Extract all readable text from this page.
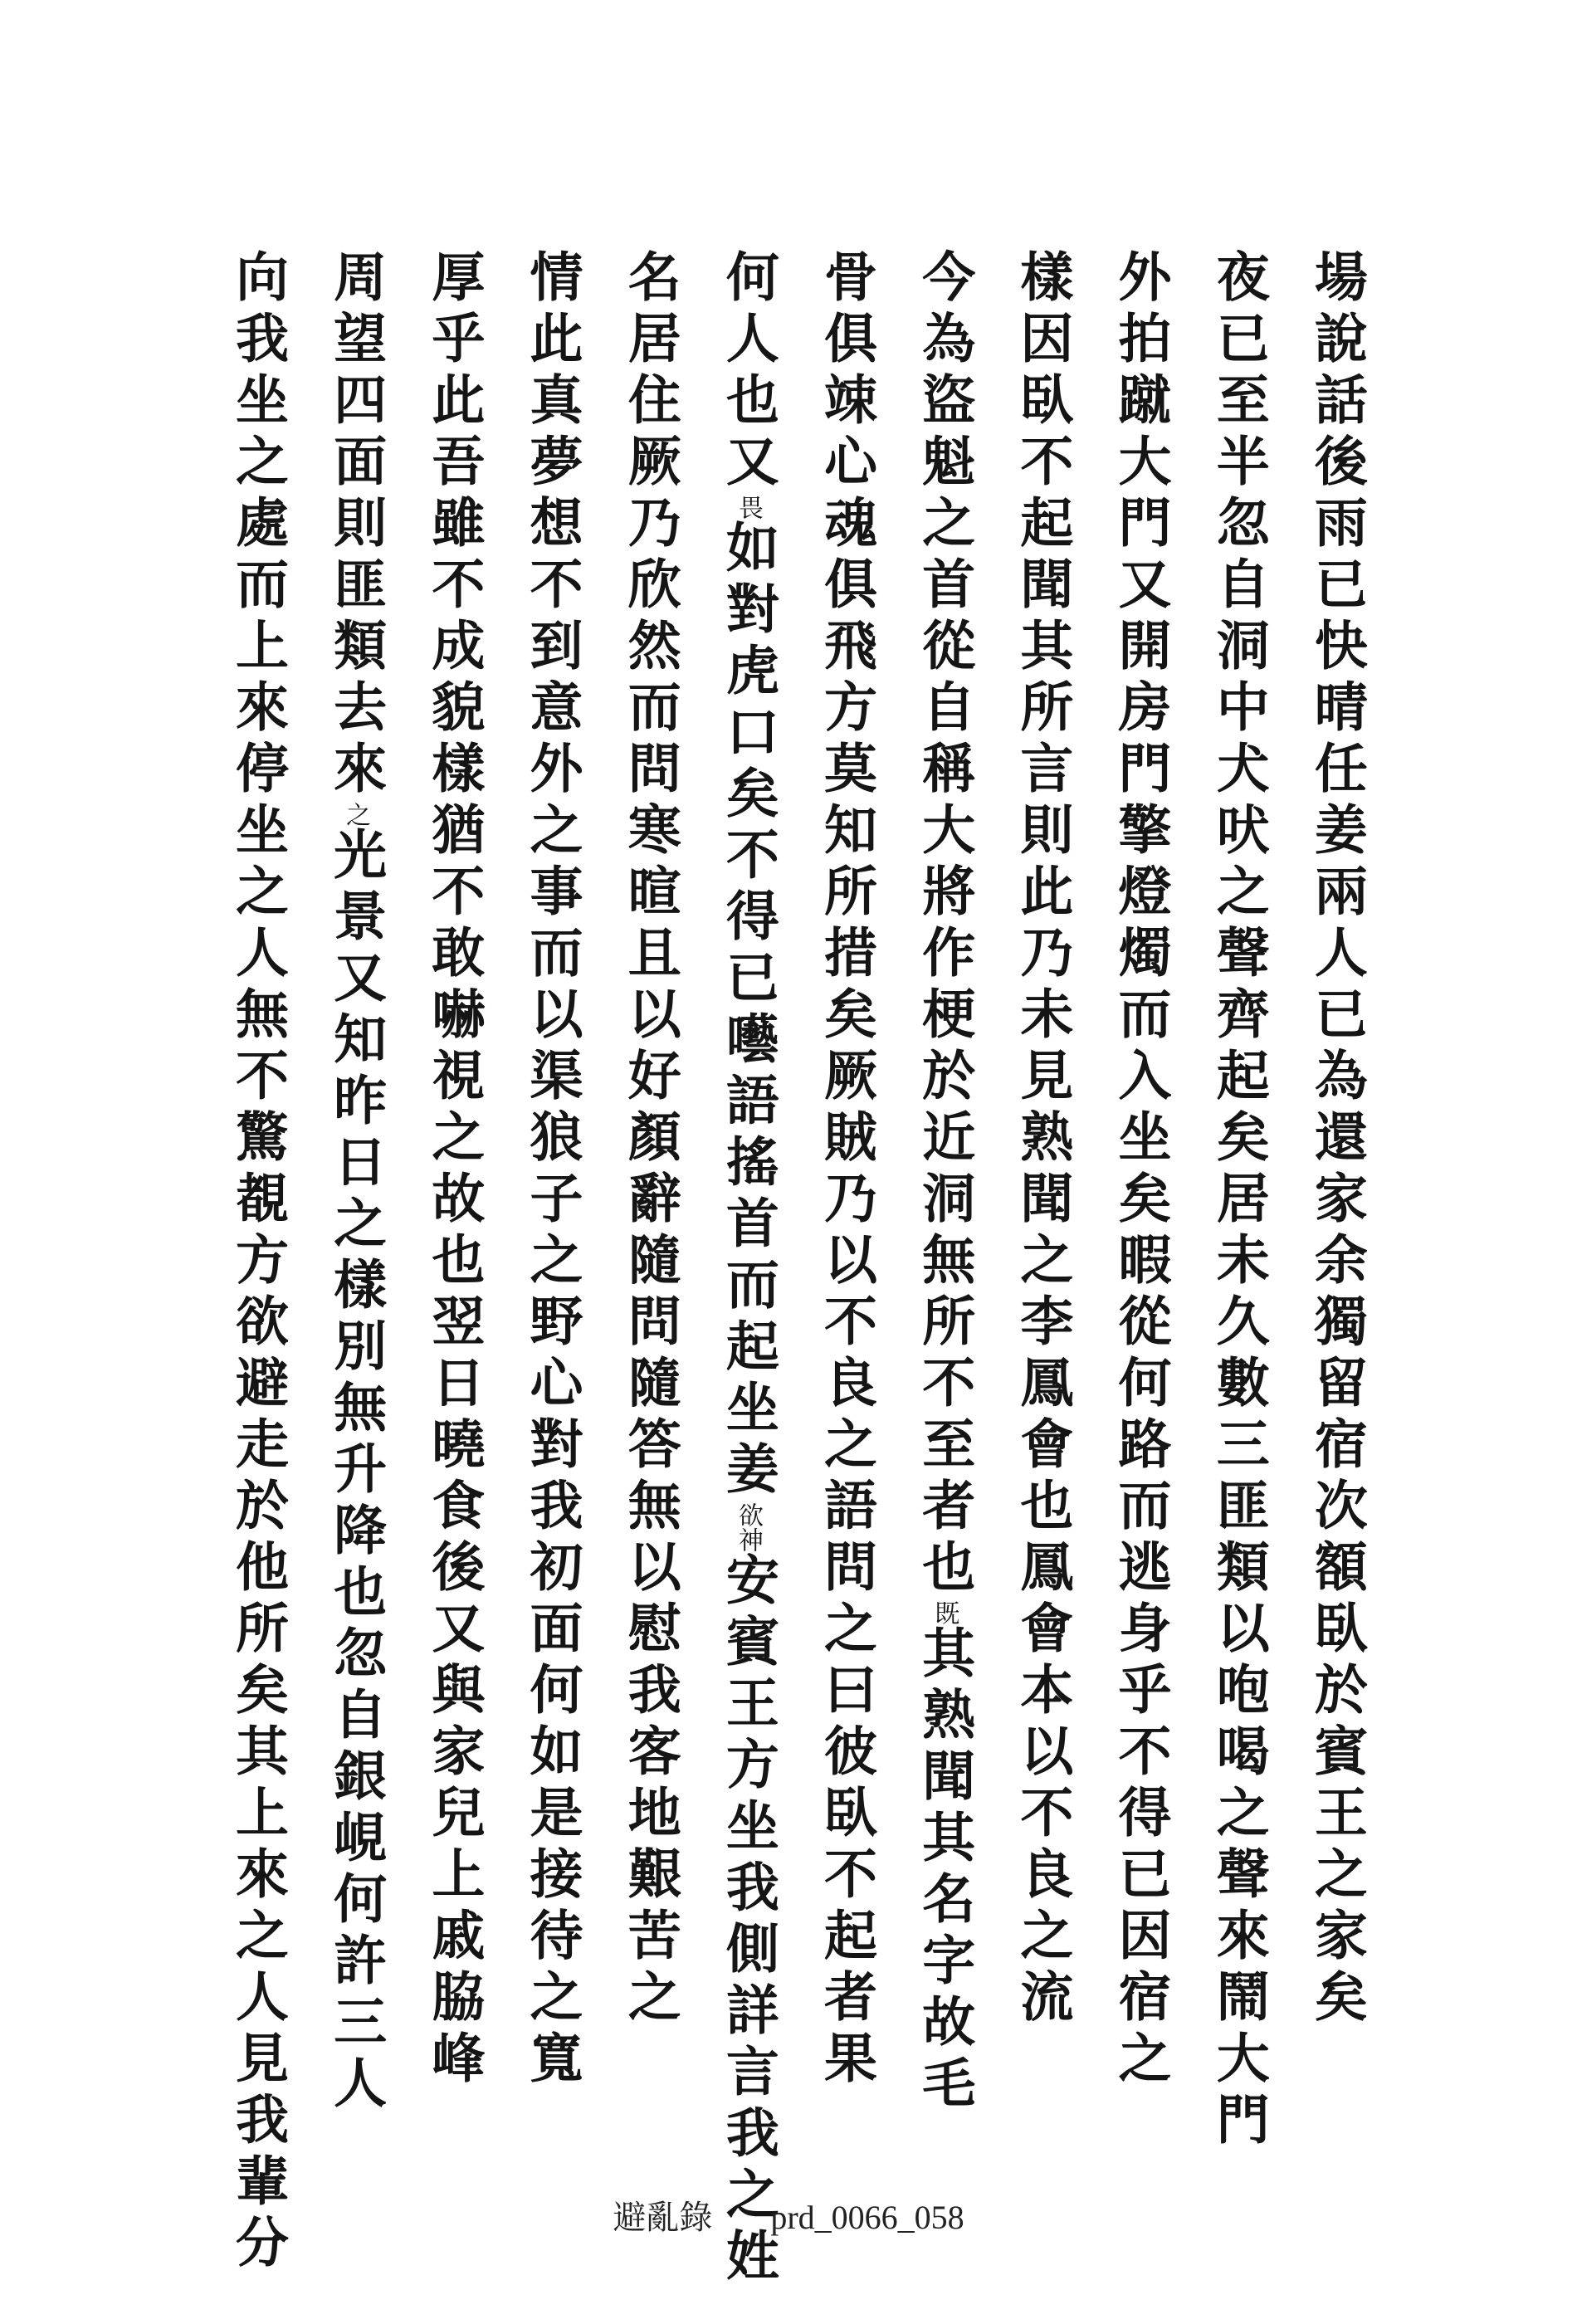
場說話後雨已快晴任姜兩人已為還家余獨留宿次額臥於賓王之家矣
夜已至半忽自洞中犬吠之聲齊起矣居未久數三匪類以咆喝之聲來鬧大門
外拍蹴大門又開房門擎燈燭而入坐矣暇從何路而逃身乎不得已因宿之
樣因臥不起聞其所言則此乃未見熟聞之李鳳會也鳳會本以不良之流
今為盜魁之首從自稱大將作梗於近洞無所不至者也既其熟聞其名字故毛
骨俱竦心魂俱飛方莫知所措矣厥賊乃以不良之語問之曰彼臥不起者果
何人也又畏如對虎口矣不得已囈語搖首而起坐姜欲神安賓王方坐我側詳言我之姓
名居住厥乃欣然而問寒暄且以好顏辭隨問隨答無以慰我客地艱苦之
情此真夢想不到意外之事而以渠狼子之野心對我初面何如是接待之寬
厚乎此吾雖不成貌樣猶不敢嚇視之故也翌日曉食後又與家兒上戚脇峰
周望四面則匪類去來之光景又知昨日之樣別無升降也忽自銀峴何許三人
向我坐之處而上來停坐之人無不驚覩方欲避走於他所矣其上來之人見我輩分	避亂錄 prd_0066_058
